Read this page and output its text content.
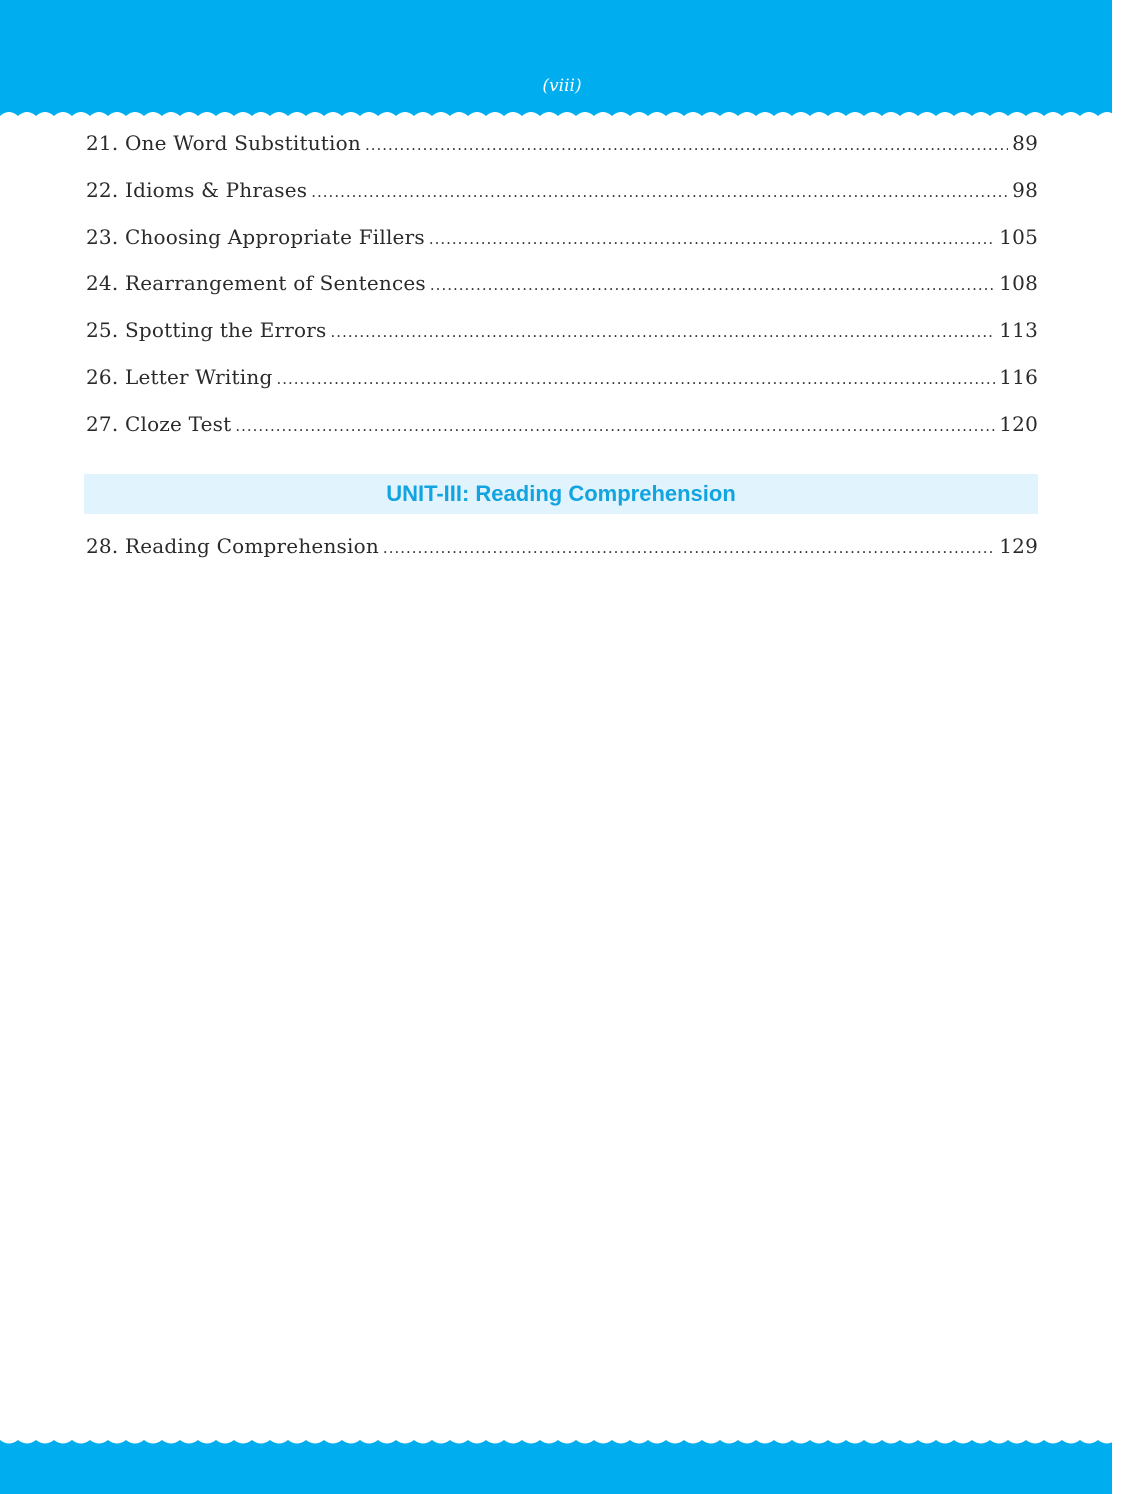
(viii)
21. One Word Substitution .....	89
22. Idioms & Phrases .....	98
23. Choosing Appropriate Fillers .....	105
24. Rearrangement of Sentences .....	108
25. Spotting the Errors .....	113
26. Letter Writing .....	116
27. Cloze Test .....	120
UNIT-III: Reading Comprehension
28. Reading Comprehension .....	129
